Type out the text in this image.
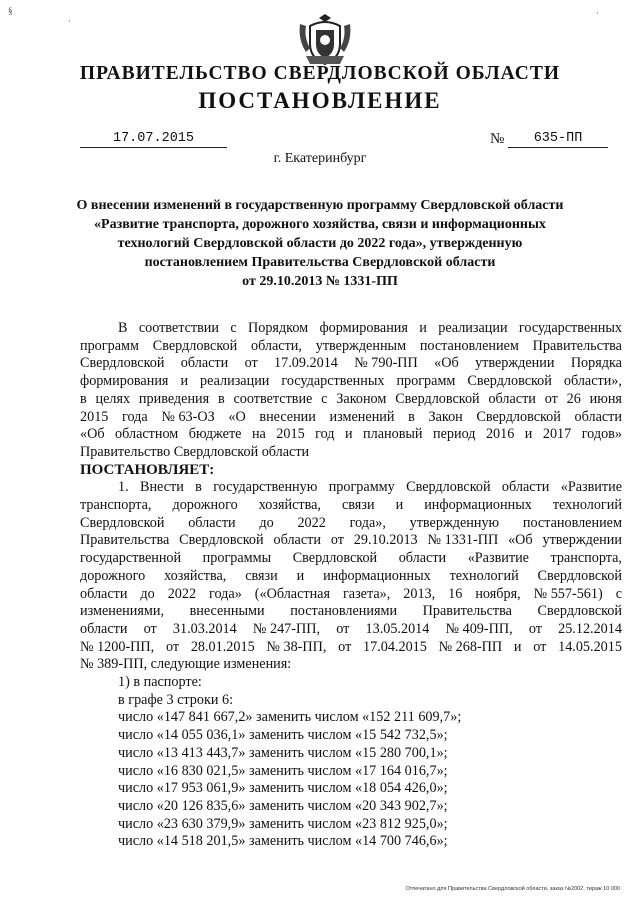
§
·
·
ПРАВИТЕЛЬСТВО СВЕРДЛОВСКОЙ ОБЛАСТИ
ПОСТАНОВЛЕНИЕ
17.07.2015	№	635-ПП
г. Екатеринбург
О внесении изменений в государственную программу Свердловской области
«Развитие транспорта, дорожного хозяйства, связи и информационных
технологий Свердловской области до 2022 года», утвержденную
постановлением Правительства Свердловской области
от 29.10.2013 № 1331-ПП
В соответствии с Порядком формирования и реализации государственных
программ Свердловской области, утвержденным постановлением Правительства
Свердловской области от 17.09.2014 № 790-ПП «Об утверждении Порядка
формирования и реализации государственных программ Свердловской области»,
в целях приведения в соответствие с Законом Свердловской области от 26 июня
2015 года № 63-ОЗ «О внесении изменений в Закон Свердловской области
«Об областном бюджете на 2015 год и плановый период 2016 и 2017 годов»
Правительство Свердловской области
ПОСТАНОВЛЯЕТ:
1. Внести в государственную программу Свердловской области «Развитие
транспорта, дорожного хозяйства, связи и информационных технологий
Свердловской области до 2022 года», утвержденную постановлением
Правительства Свердловской области от 29.10.2013 № 1331-ПП «Об утверждении
государственной программы Свердловской области «Развитие транспорта,
дорожного хозяйства, связи и информационных технологий Свердловской
области до 2022 года» («Областная газета», 2013, 16 ноября, № 557-561) с
изменениями, внесенными постановлениями Правительства Свердловской
области от 31.03.2014 № 247-ПП, от 13.05.2014 № 409-ПП, от 25.12.2014
№ 1200-ПП, от 28.01.2015 № 38-ПП, от 17.04.2015 № 268-ПП и от 14.05.2015
№ 389-ПП, следующие изменения:
1) в паспорте:
в графе 3 строки 6:
число «147 841 667,2» заменить числом «152 211 609,7»;
число «14 055 036,1» заменить числом «15 542 732,5»;
число «13 413 443,7» заменить числом «15 280 700,1»;
число «16 830 021,5» заменить числом «17 164 016,7»;
число «17 953 061,9» заменить числом «18 054 426,0»;
число «20 126 835,6» заменить числом «20 343 902,7»;
число «23 630 379,9» заменить числом «23 812 925,0»;
число «14 518 201,5» заменить числом «14 700 746,6»;
Отпечатано для Правительства Свердловской области, заказ №2002, тираж 10 000
